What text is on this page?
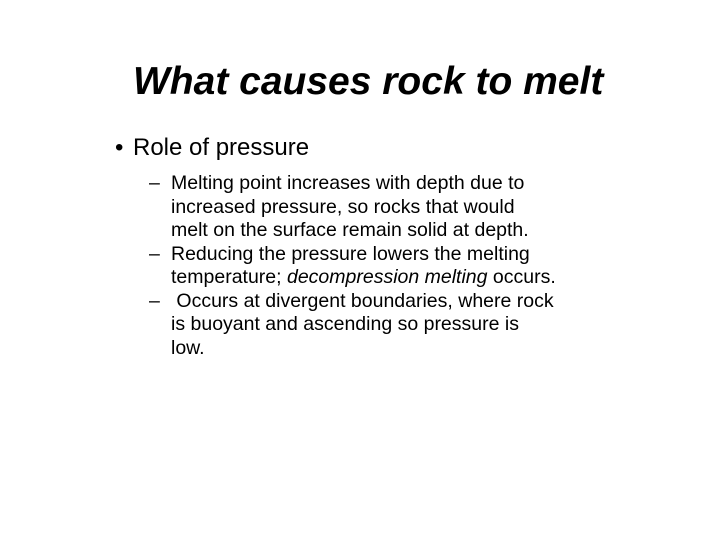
What causes rock to melt
• Role of pressure
– Melting point increases with depth due to
increased pressure, so rocks that would
melt on the surface remain solid at depth.
– Reducing the pressure lowers the melting
temperature; decompression melting occurs.
– Occurs at divergent boundaries, where rock
is buoyant and ascending so pressure is
low.
